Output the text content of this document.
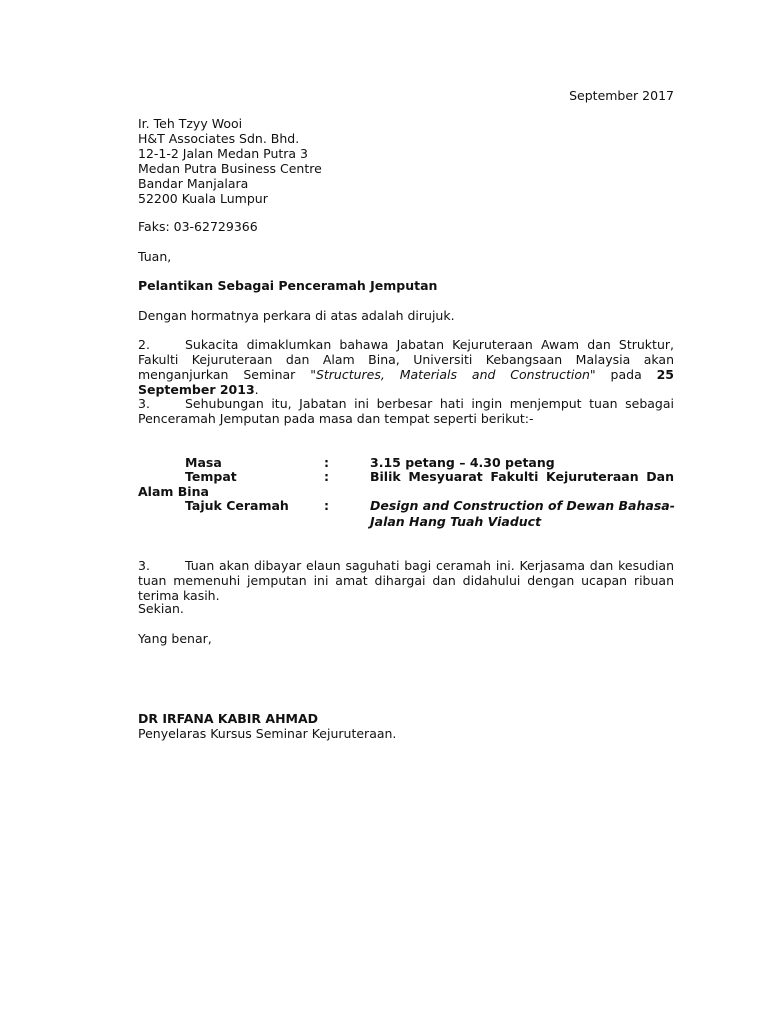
September 2017
Ir. Teh Tzyy Wooi
H&T Associates Sdn. Bhd.
12-1-2 Jalan Medan Putra 3
Medan Putra Business Centre
Bandar Manjalara
52200 Kuala Lumpur
Faks: 03-62729366
Tuan,
Pelantikan Sebagai Penceramah Jemputan
Dengan hormatnya perkara di atas adalah dirujuk.
2.	Sukacita dimaklumkan bahawa Jabatan Kejuruteraan Awam dan Struktur, Fakulti Kejuruteraan dan Alam Bina, Universiti Kebangsaan Malaysia akan menganjurkan Seminar "Structures, Materials and Construction" pada 25 September 2013.
3.	Sehubungan itu, Jabatan ini berbesar hati ingin menjemput tuan sebagai Penceramah Jemputan pada masa dan tempat seperti berikut:-
Masa	:	3.15 petang – 4.30 petang
Tempat	:	Bilik Mesyuarat Fakulti Kejuruteraan Dan
Alam Bina
Tajuk Ceramah	:	Design and Construction of Dewan Bahasa-
Jalan Hang Tuah Viaduct
3.	Tuan akan dibayar elaun saguhati bagi ceramah ini. Kerjasama dan kesudian tuan memenuhi jemputan ini amat dihargai dan didahului dengan ucapan ribuan terima kasih.
Sekian.
Yang benar,
DR IRFANA KABIR AHMAD
Penyelaras Kursus Seminar Kejuruteraan.
